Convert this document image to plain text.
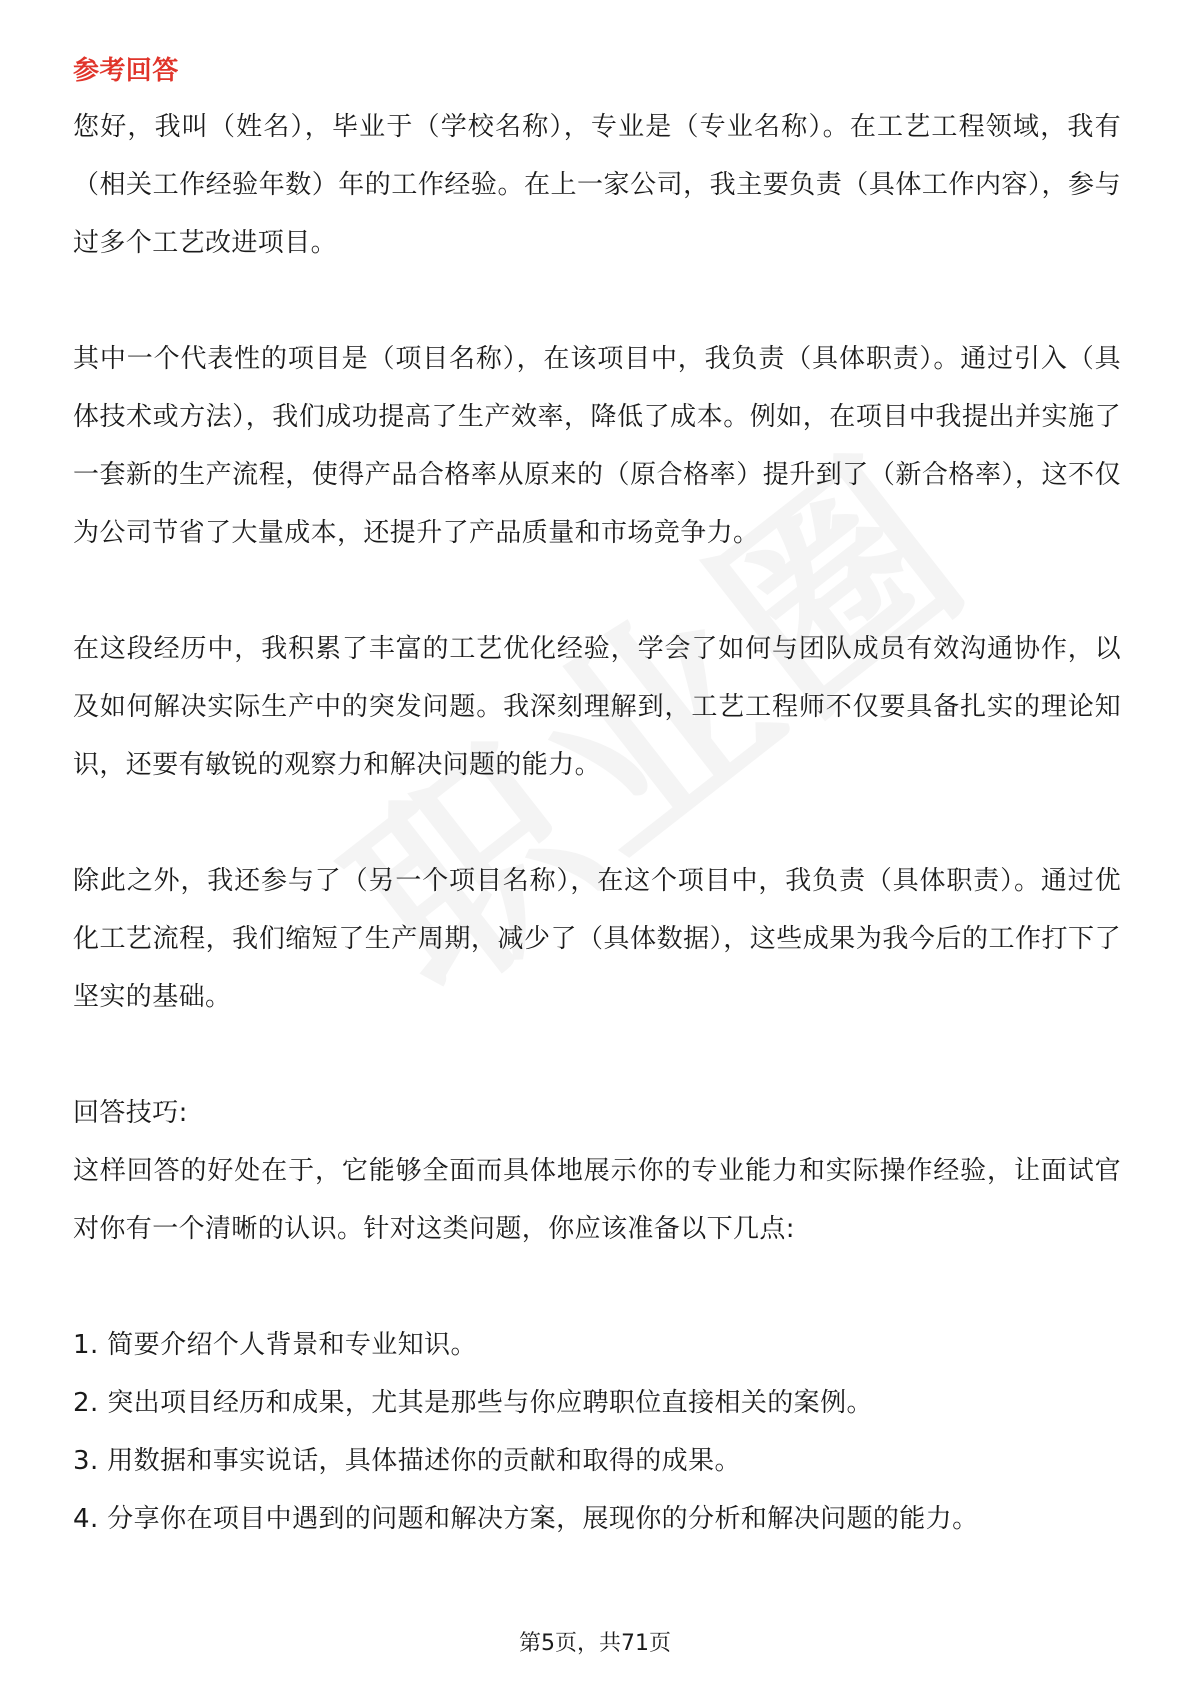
参考回答

您好，我叫（姓名），毕业于（学校名称），专业是（专业名称）。在工艺工程领域，我有（相关工作经验年数）年的工作经验。在上一家公司，我主要负责（具体工作内容），参与过多个工艺改进项目。

其中一个代表性的项目是（项目名称），在该项目中，我负责（具体职责）。通过引入（具体技术或方法），我们成功提高了生产效率，降低了成本。例如，在项目中我提出并实施了一套新的生产流程，使得产品合格率从原来的（原合格率）提升到了（新合格率），这不仅为公司节省了大量成本，还提升了产品质量和市场竞争力。

在这段经历中，我积累了丰富的工艺优化经验，学会了如何与团队成员有效沟通协作，以及如何解决实际生产中的突发问题。我深刻理解到，工艺工程师不仅要具备扎实的理论知识，还要有敏锐的观察力和解决问题的能力。

除此之外，我还参与了（另一个项目名称），在这个项目中，我负责（具体职责）。通过优化工艺流程，我们缩短了生产周期，减少了（具体数据），这些成果为我今后的工作打下了坚实的基础。

回答技巧:

这样回答的好处在于，它能够全面而具体地展示你的专业能力和实际操作经验，让面试官对你有一个清晰的认识。针对这类问题，你应该准备以下几点:

1. 简要介绍个人背景和专业知识。
2. 突出项目经历和成果，尤其是那些与你应聘职位直接相关的案例。
3. 用数据和事实说话，具体描述你的贡献和取得的成果。
4. 分享你在项目中遇到的问题和解决方案，展现你的分析和解决问题的能力。
第5页，共71页
